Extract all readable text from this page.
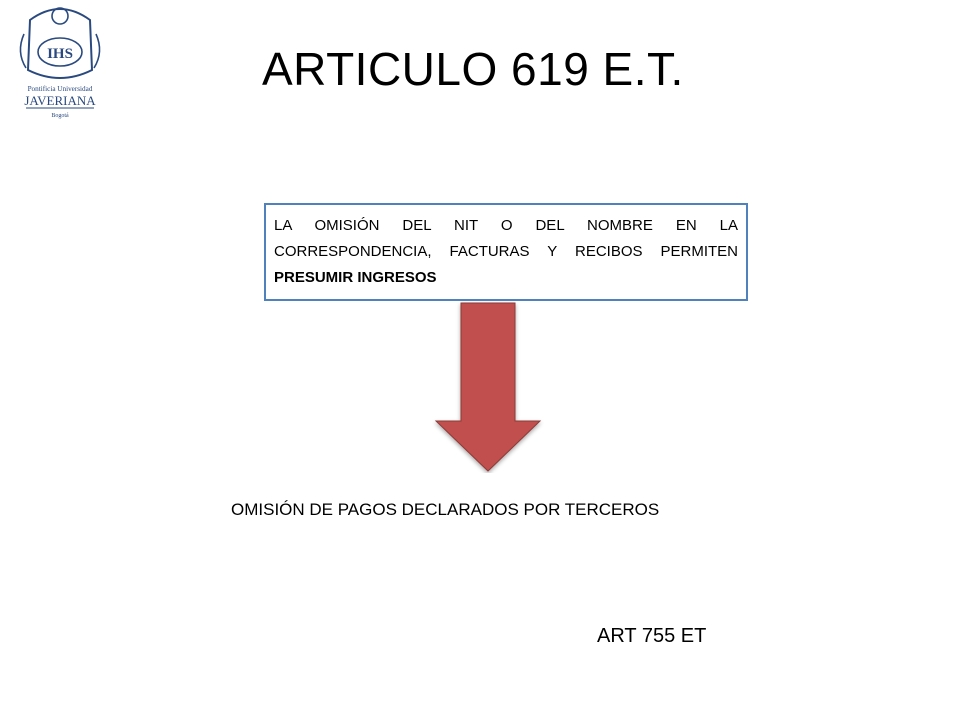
IHS
Pontificia Universidad
JAVERIANA
Bogotá
ARTICULO 619 E.T.
LA OMISIÓN DEL NIT O DEL NOMBRE EN LA CORRESPONDENCIA, FACTURAS Y RECIBOS PERMITEN PRESUMIR INGRESOS
OMISIÓN DE PAGOS DECLARADOS POR TERCEROS
ART 755 ET
